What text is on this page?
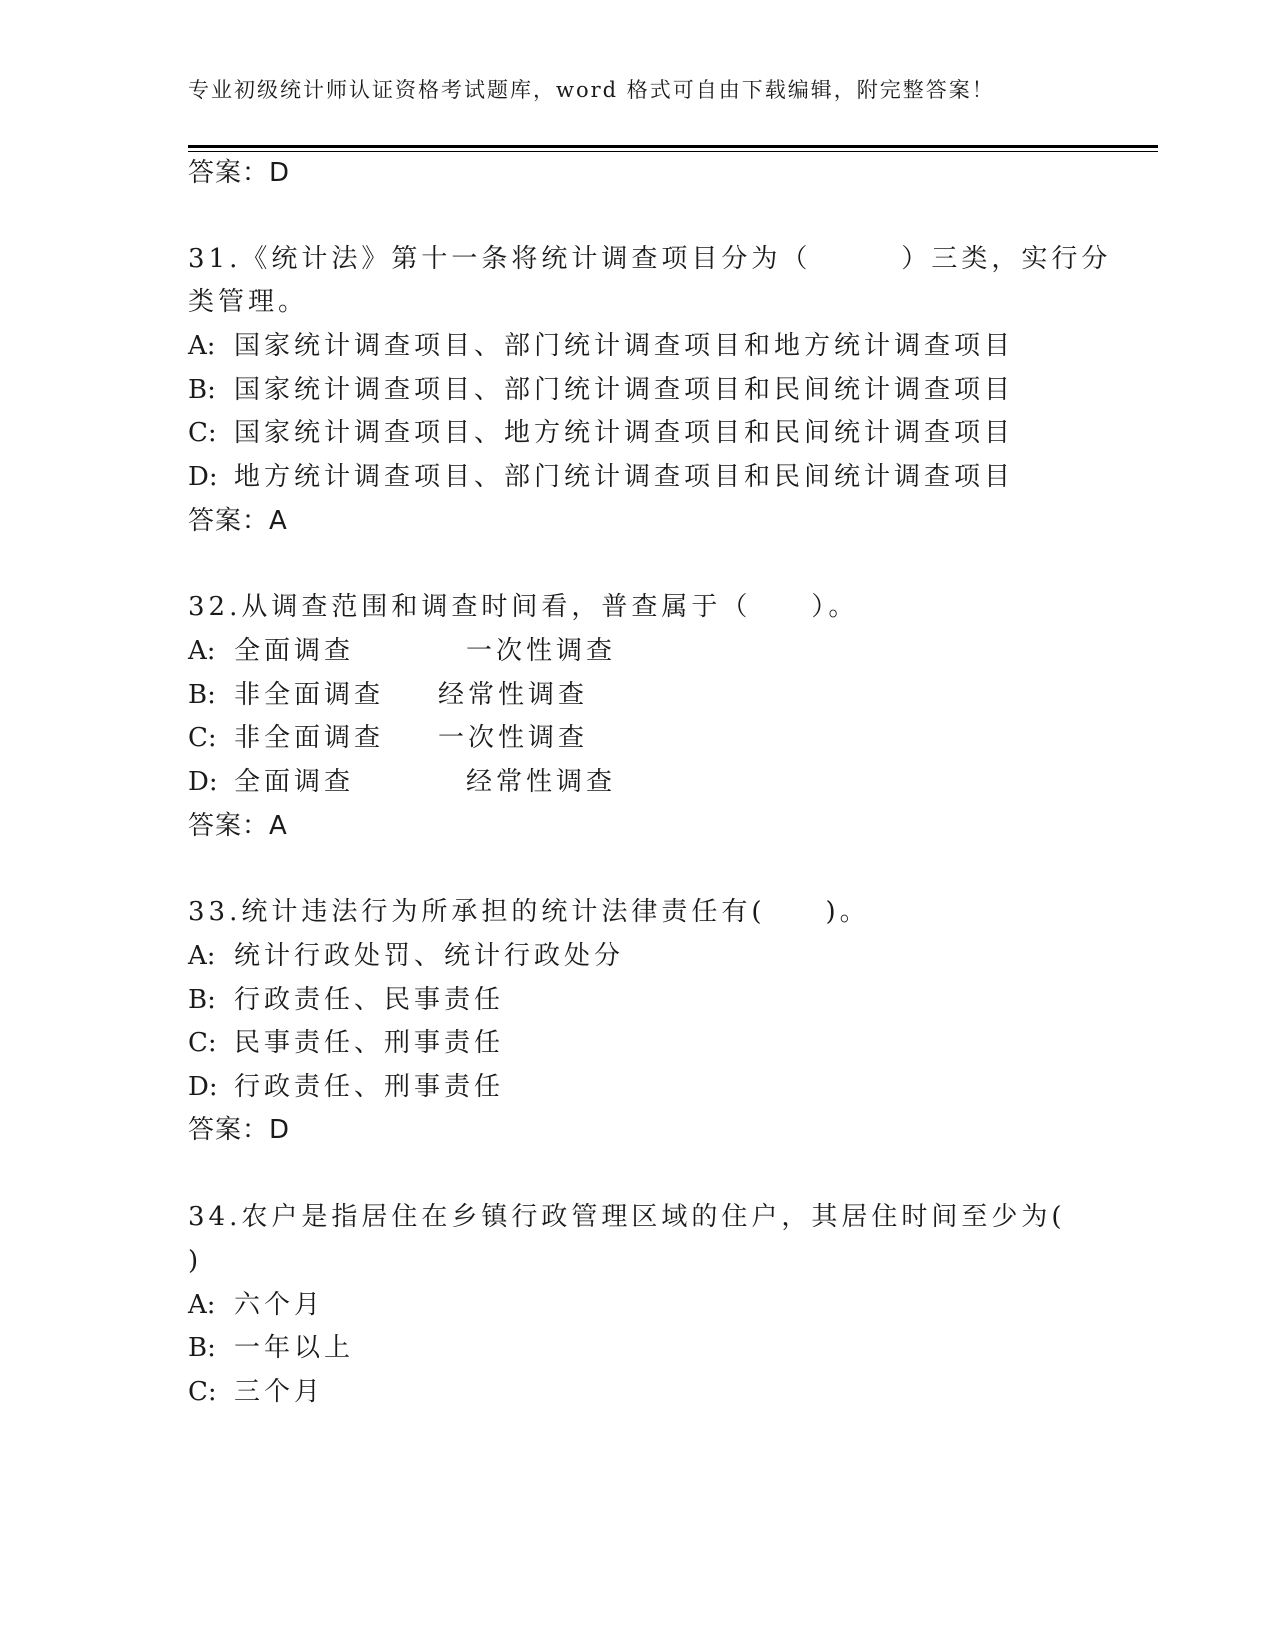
专业初级统计师认证资格考试题库，word 格式可自由下载编辑，附完整答案！
答案：D
31.《统计法》第十一条将统计调查项目分为（　　　）三类，实行分
类管理。
A: 国家统计调查项目、部门统计调查项目和地方统计调查项目
B: 国家统计调查项目、部门统计调查项目和民间统计调查项目
C: 国家统计调查项目、地方统计调查项目和民间统计调查项目
D: 地方统计调查项目、部门统计调查项目和民间统计调查项目
答案：A
32.从调查范围和调查时间看，普查属于（　　）。
A: 全面调查	一次性调查
B: 非全面调查 经常性调查
C: 非全面调查 一次性调查
D: 全面调查	经常性调查
答案：A
33.统计违法行为所承担的统计法律责任有(　　)。
A: 统计行政处罚、统计行政处分
B: 行政责任、民事责任
C: 民事责任、刑事责任
D: 行政责任、刑事责任
答案：D
34.农户是指居住在乡镇行政管理区域的住户，其居住时间至少为(
)
A: 六个月
B: 一年以上
C: 三个月
